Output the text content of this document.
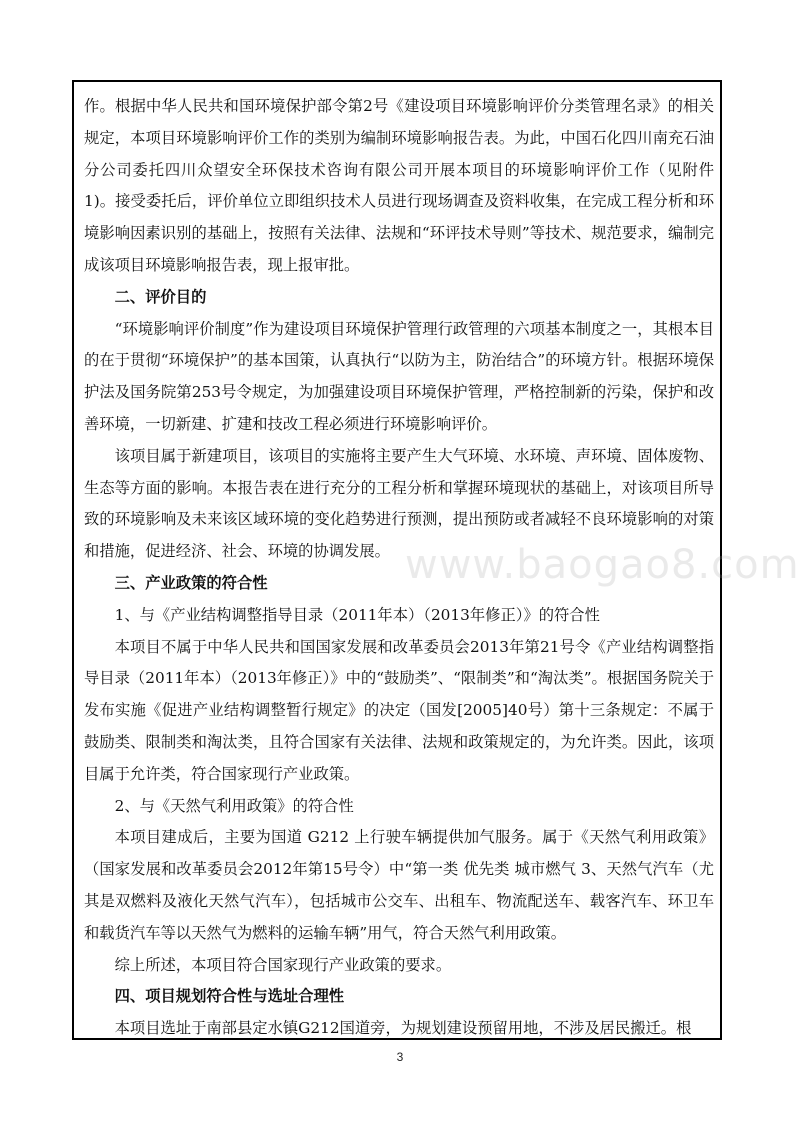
作。根据中华人民共和国环境保护部令第2号《建设项目环境影响评价分类管理名录》的相关规定，本项目环境影响评价工作的类别为编制环境影响报告表。为此，中国石化四川南充石油分公司委托四川众望安全环保技术咨询有限公司开展本项目的环境影响评价工作（见附件 1)。接受委托后，评价单位立即组织技术人员进行现场调查及资料收集，在完成工程分析和环境影响因素识别的基础上，按照有关法律、法规和“环评技术导则”等技术、规范要求，编制完成该项目环境影响报告表，现上报审批。

二、评价目的

“环境影响评价制度”作为建设项目环境保护管理行政管理的六项基本制度之一，其根本目的在于贯彻“环境保护”的基本国策，认真执行“以防为主，防治结合”的环境方针。根据环境保护法及国务院第253号令规定，为加强建设项目环境保护管理，严格控制新的污染，保护和改善环境，一切新建、扩建和技改工程必须进行环境影响评价。

该项目属于新建项目，该项目的实施将主要产生大气环境、水环境、声环境、固体废物、生态等方面的影响。本报告表在进行充分的工程分析和掌握环境现状的基础上，对该项目所导致的环境影响及未来该区域环境的变化趋势进行预测，提出预防或者减轻不良环境影响的对策和措施，促进经济、社会、环境的协调发展。

三、产业政策的符合性

1、与《产业结构调整指导目录（2011年本）（2013年修正）》的符合性

本项目不属于中华人民共和国国家发展和改革委员会2013年第21号令《产业结构调整指导目录（2011年本）（2013年修正）》中的“鼓励类”、“限制类”和“淘汰类”。根据国务院关于发布实施《促进产业结构调整暂行规定》的决定（国发[2005]40号）第十三条规定：不属于鼓励类、限制类和淘汰类，且符合国家有关法律、法规和政策规定的，为允许类。因此，该项目属于允许类，符合国家现行产业政策。

2、与《天然气利用政策》的符合性

本项目建成后，主要为国道 G212 上行驶车辆提供加气服务。属于《天然气利用政策》（国家发展和改革委员会2012年第15号令）中“第一类 优先类 城市燃气 3、天然气汽车（尤其是双燃料及液化天然气汽车），包括城市公交车、出租车、物流配送车、载客汽车、环卫车和载货汽车等以天然气为燃料的运输车辆”用气，符合天然气利用政策。

综上所述，本项目符合国家现行产业政策的要求。

四、项目规划符合性与选址合理性

本项目选址于南部县定水镇G212国道旁，为规划建设预留用地，不涉及居民搬迁。根

www.baogao8.com
3
